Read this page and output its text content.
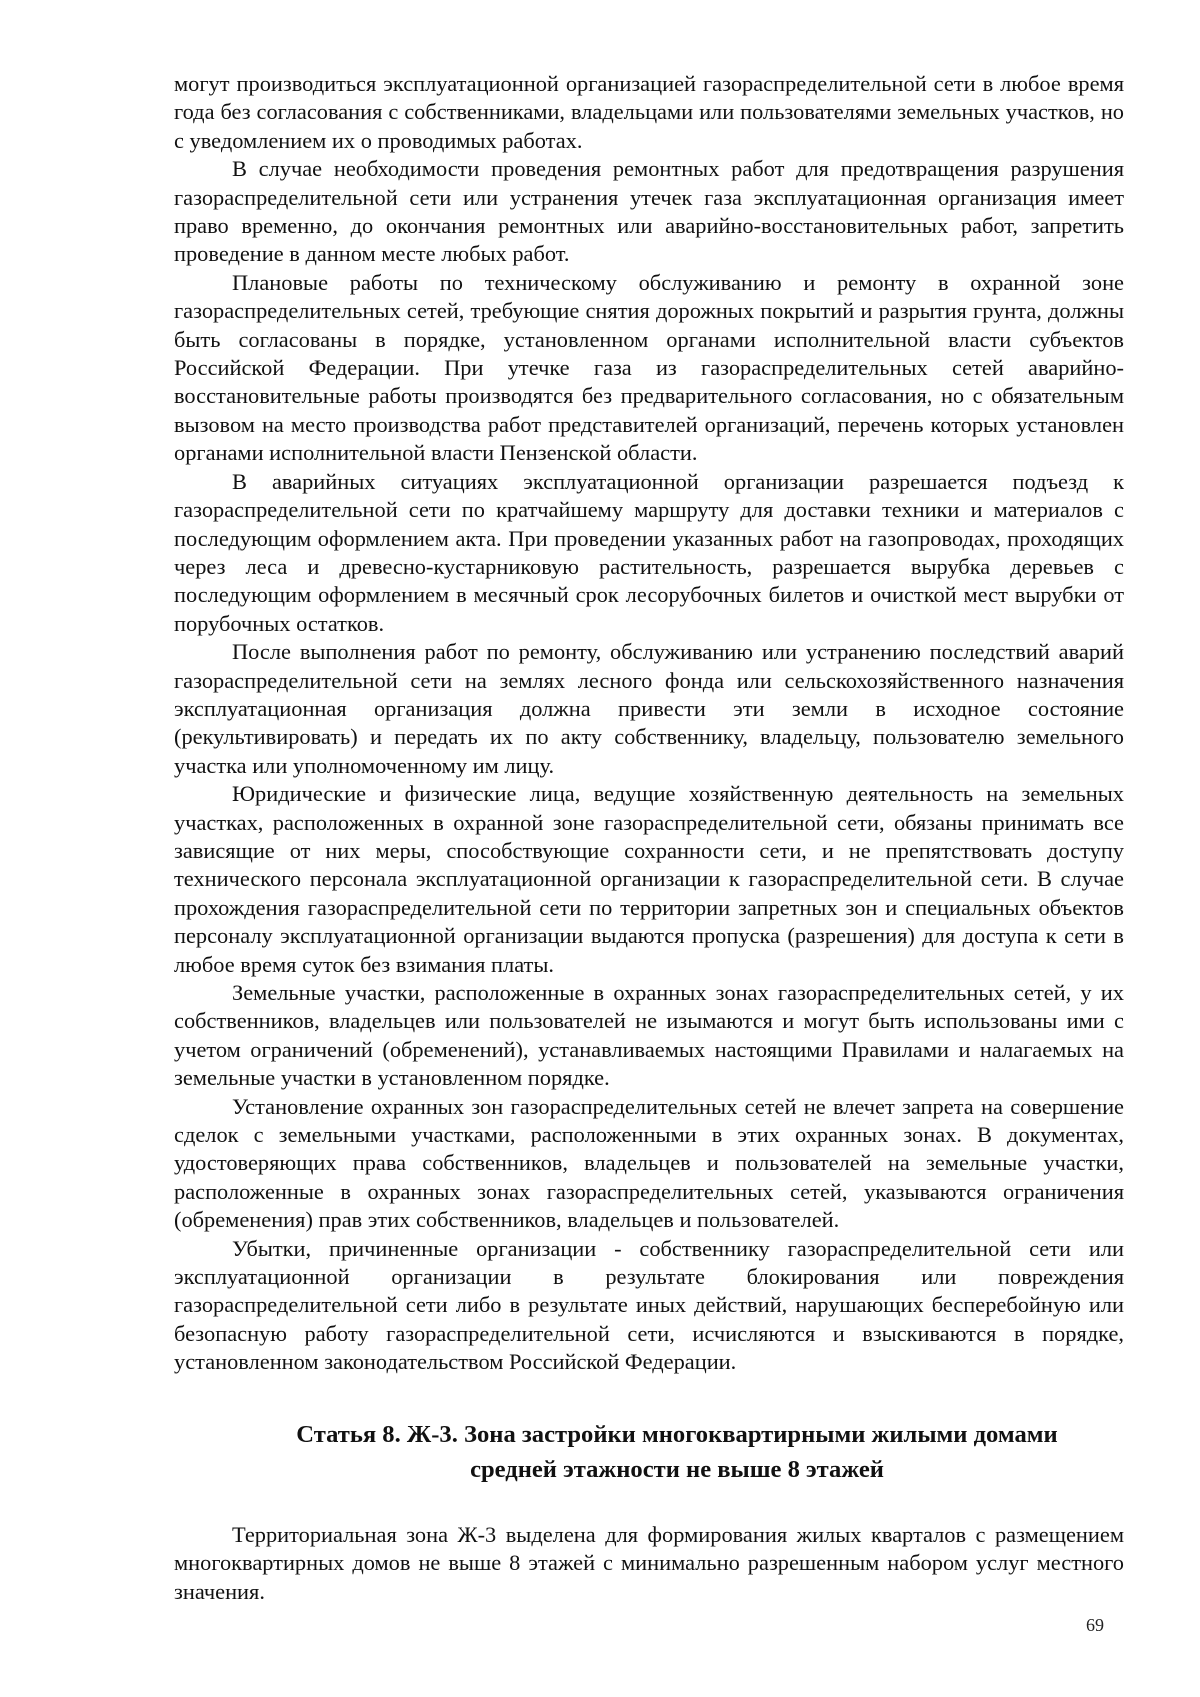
могут производиться эксплуатационной организацией газораспределительной сети в любое время года без согласования с собственниками, владельцами или пользователями земельных участков, но с уведомлением их о проводимых работах.

В случае необходимости проведения ремонтных работ для предотвращения разрушения газораспределительной сети или устранения утечек газа эксплуатационная организация имеет право временно, до окончания ремонтных или аварийно-восстановительных работ, запретить проведение в данном месте любых работ.

Плановые работы по техническому обслуживанию и ремонту в охранной зоне газораспределительных сетей, требующие снятия дорожных покрытий и разрытия грунта, должны быть согласованы в порядке, установленном органами исполнительной власти субъектов Российской Федерации. При утечке газа из газораспределительных сетей аварийно-восстановительные работы производятся без предварительного согласования, но с обязательным вызовом на место производства работ представителей организаций, перечень которых установлен органами исполнительной власти Пензенской области.

В аварийных ситуациях эксплуатационной организации разрешается подъезд к газораспределительной сети по кратчайшему маршруту для доставки техники и материалов с последующим оформлением акта. При проведении указанных работ на газопроводах, проходящих через леса и древесно-кустарниковую растительность, разрешается вырубка деревьев с последующим оформлением в месячный срок лесорубочных билетов и очисткой мест вырубки от порубочных остатков.

После выполнения работ по ремонту, обслуживанию или устранению последствий аварий газораспределительной сети на землях лесного фонда или сельскохозяйственного назначения эксплуатационная организация должна привести эти земли в исходное состояние (рекультивировать) и передать их по акту собственнику, владельцу, пользователю земельного участка или уполномоченному им лицу.

Юридические и физические лица, ведущие хозяйственную деятельность на земельных участках, расположенных в охранной зоне газораспределительной сети, обязаны принимать все зависящие от них меры, способствующие сохранности сети, и не препятствовать доступу технического персонала эксплуатационной организации к газораспределительной сети. В случае прохождения газораспределительной сети по территории запретных зон и специальных объектов персоналу эксплуатационной организации выдаются пропуска (разрешения) для доступа к сети в любое время суток без взимания платы.

Земельные участки, расположенные в охранных зонах газораспределительных сетей, у их собственников, владельцев или пользователей не изымаются и могут быть использованы ими с учетом ограничений (обременений), устанавливаемых настоящими Правилами и налагаемых на земельные участки в установленном порядке.

Установление охранных зон газораспределительных сетей не влечет запрета на совершение сделок с земельными участками, расположенными в этих охранных зонах. В документах, удостоверяющих права собственников, владельцев и пользователей на земельные участки, расположенные в охранных зонах газораспределительных сетей, указываются ограничения (обременения) прав этих собственников, владельцев и пользователей.

Убытки, причиненные организации - собственнику газораспределительной сети или эксплуатационной организации в результате блокирования или повреждения газораспределительной сети либо в результате иных действий, нарушающих бесперебойную или безопасную работу газораспределительной сети, исчисляются и взыскиваются в порядке, установленном законодательством Российской Федерации.

Статья 8. Ж-3. Зона застройки многоквартирными жилыми домами
средней этажности не выше 8 этажей

Территориальная зона Ж-3 выделена для формирования жилых кварталов с размещением многоквартирных домов не выше 8 этажей с минимально разрешенным набором услуг местного значения.

69
